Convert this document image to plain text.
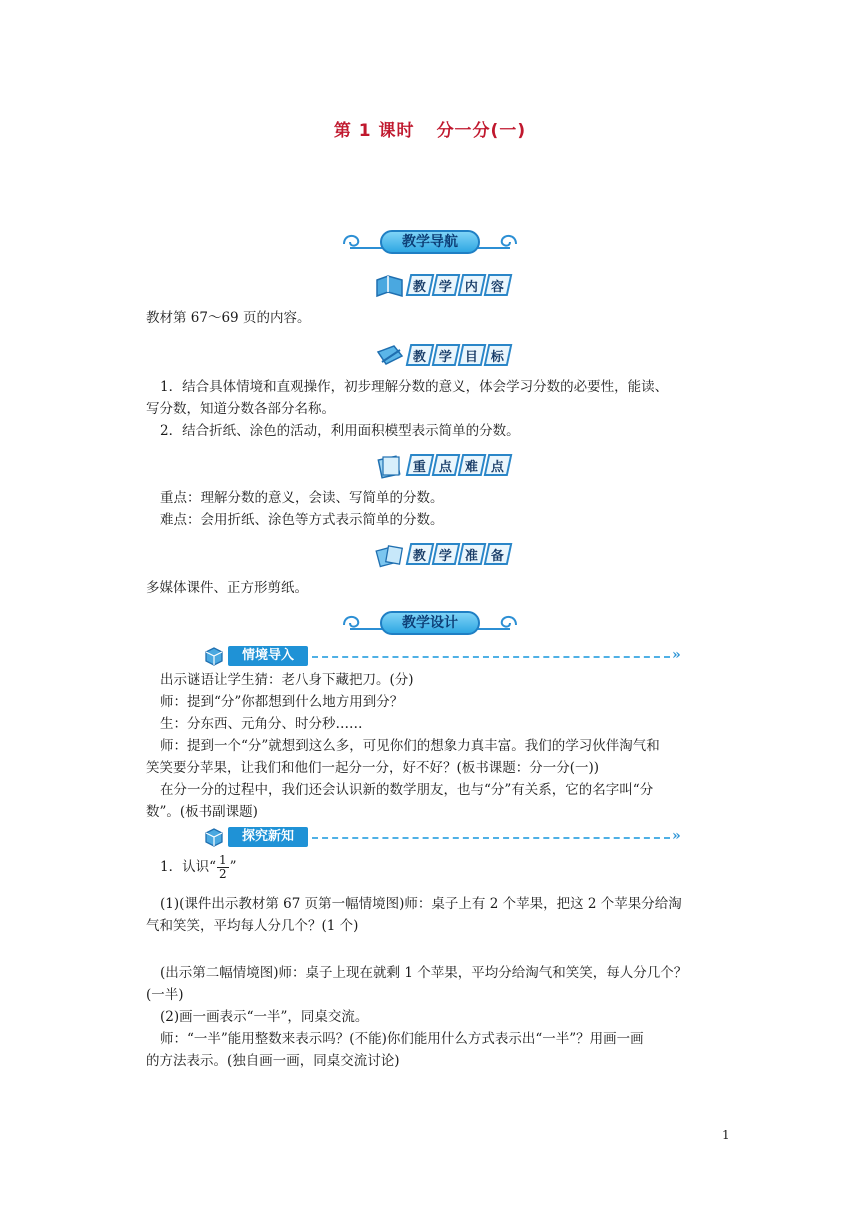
第 1 课时 分一分(一)
教学导航
教 学 内 容
教材第 67～69 页的内容。
教 学 目 标
1．结合具体情境和直观操作，初步理解分数的意义，体会学习分数的必要性，能读、
写分数，知道分数各部分名称。
2．结合折纸、涂色的活动，利用面积模型表示简单的分数。
重 点 难 点
重点：理解分数的意义，会读、写简单的分数。
难点：会用折纸、涂色等方式表示简单的分数。
教 学 准 备
多媒体课件、正方形剪纸。
教学设计
情境导入	»
出示谜语让学生猜：老八身下藏把刀。(分)
师：提到“分”你都想到什么地方用到分？
生：分东西、元角分、时分秒……
师：提到一个“分”就想到这么多，可见你们的想象力真丰富。我们的学习伙伴淘气和
笑笑要分苹果，让我们和他们一起分一分，好不好？(板书课题：分一分(一))
在分一分的过程中，我们还会认识新的数学朋友，也与“分”有关系，它的名字叫“分
数”。(板书副课题)
探究新知	»
1．认识“ $\frac{1}{2}$ ”
(1)(课件出示教材第 67 页第一幅情境图)师：桌子上有 2 个苹果，把这 2 个苹果分给淘
气和笑笑，平均每人分几个？(1 个)
(出示第二幅情境图)师：桌子上现在就剩 1 个苹果，平均分给淘气和笑笑，每人分几个？
(一半)
(2)画一画表示“一半”，同桌交流。
师：“一半”能用整数来表示吗？(不能)你们能用什么方式表示出“一半”？用画一画
的方法表示。(独自画一画，同桌交流讨论)
1
